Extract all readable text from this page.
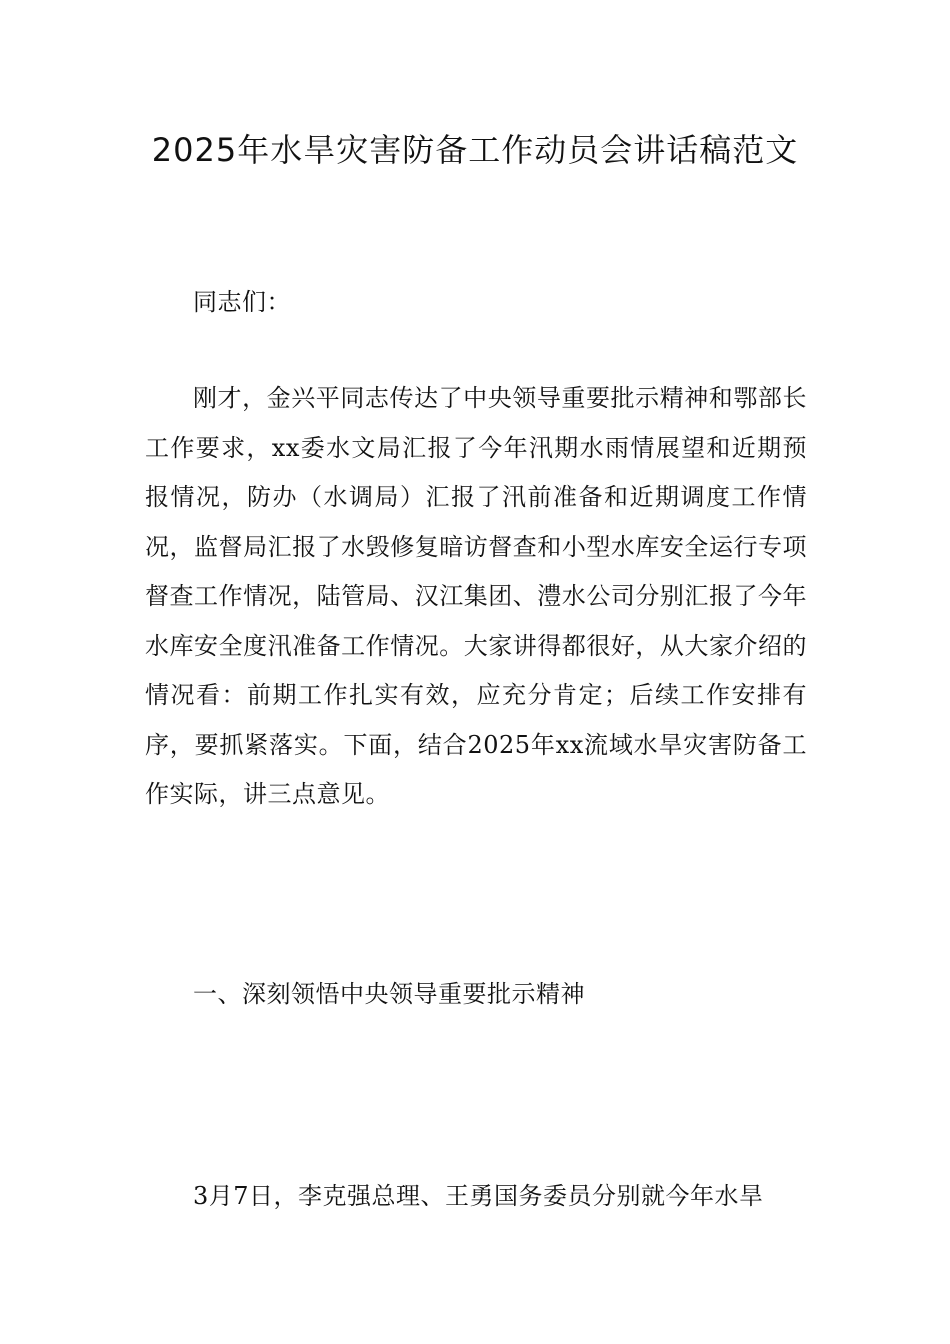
2025年水旱灾害防备工作动员会讲话稿范文

同志们：

刚才，金兴平同志传达了中央领导重要批示精神和鄂部长工作要求，xx委水文局汇报了今年汛期水雨情展望和近期预报情况，防办（水调局）汇报了汛前准备和近期调度工作情况，监督局汇报了水毁修复暗访督查和小型水库安全运行专项督查工作情况，陆管局、汉江集团、澧水公司分别汇报了今年水库安全度汛准备工作情况。大家讲得都很好，从大家介绍的情况看：前期工作扎实有效，应充分肯定；后续工作安排有序，要抓紧落实。下面，结合2025年xx流域水旱灾害防备工作实际，讲三点意见。

一、深刻领悟中央领导重要批示精神

3月7日，李克强总理、王勇国务委员分别就今年水旱
